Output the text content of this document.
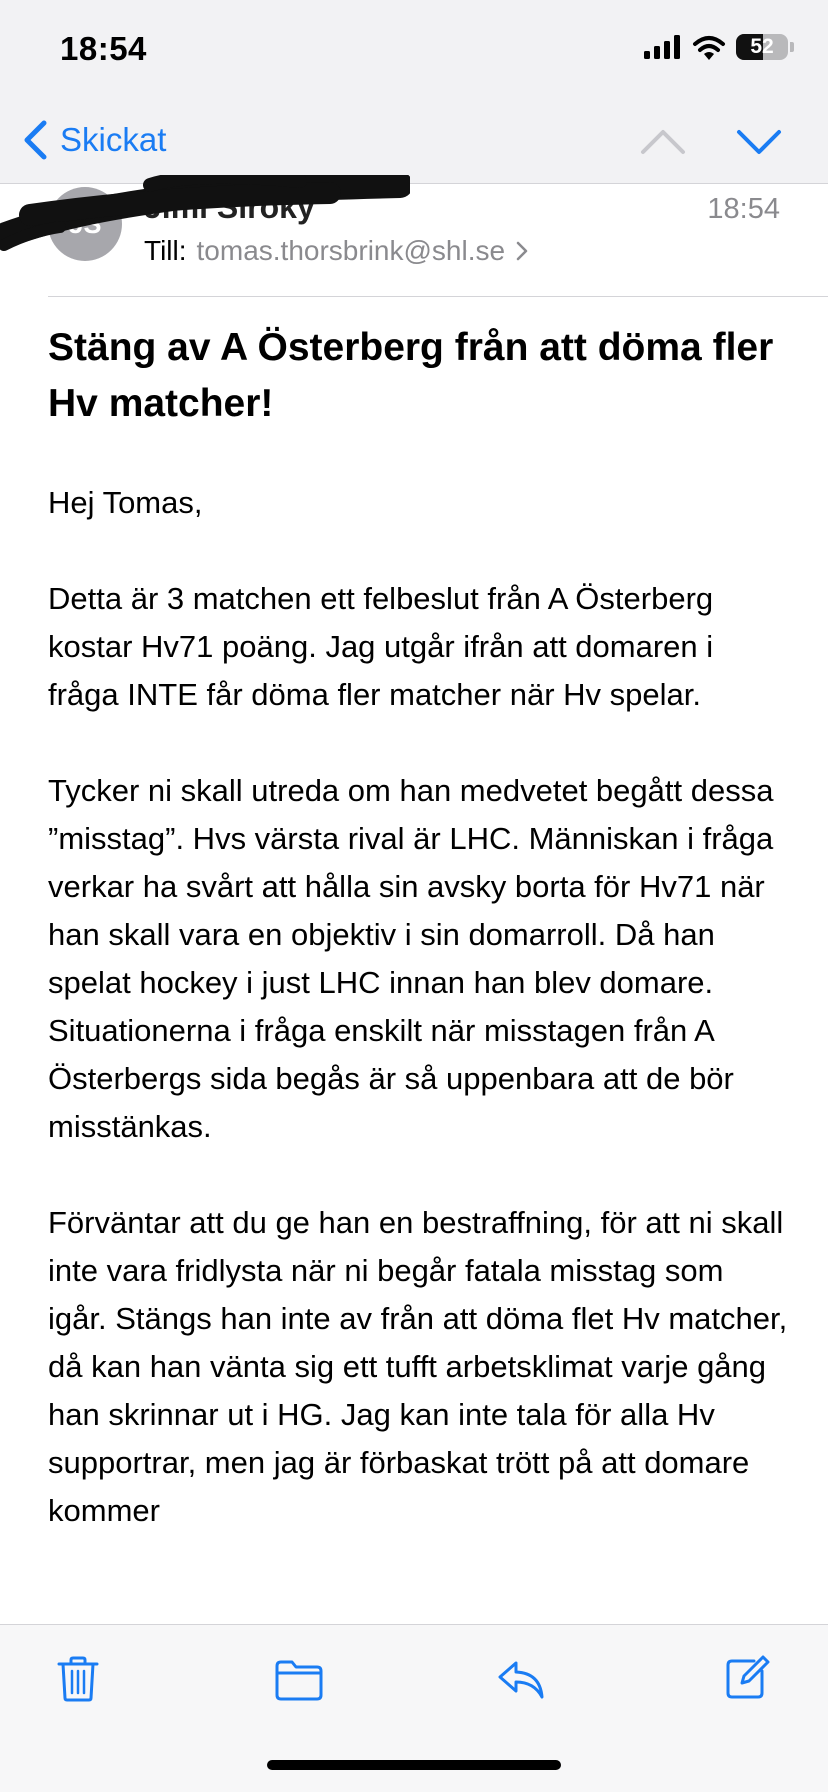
18:54	52
Skickat
JS	Jimi Siroky	18:54
Till: tomas.thorsbrink@shl.se
Stäng av A Österberg från att döma fler Hv matcher!

Hej Tomas,

Detta är 3 matchen ett felbeslut från A Österberg kostar Hv71 poäng. Jag utgår ifrån att domaren i fråga INTE får döma fler matcher när Hv spelar.

Tycker ni skall utreda om han medvetet begått dessa ”misstag”. Hvs värsta rival är LHC. Människan i fråga verkar ha svårt att hålla sin avsky borta för Hv71 när han skall vara en objektiv i sin domarroll. Då han spelat hockey i just LHC innan han blev domare. Situationerna i fråga enskilt när misstagen från A Österbergs sida begås är så uppenbara att de bör misstänkas.

Förväntar att du ge han en bestraffning, för att ni skall inte vara fridlysta när ni begår fatala misstag som igår. Stängs han inte av från att döma flet Hv matcher, då kan han vänta sig ett tufft arbetsklimat varje gång han skrinnar ut i HG. Jag kan inte tala för alla Hv supportrar, men jag är förbaskat trött på att domare kommer
